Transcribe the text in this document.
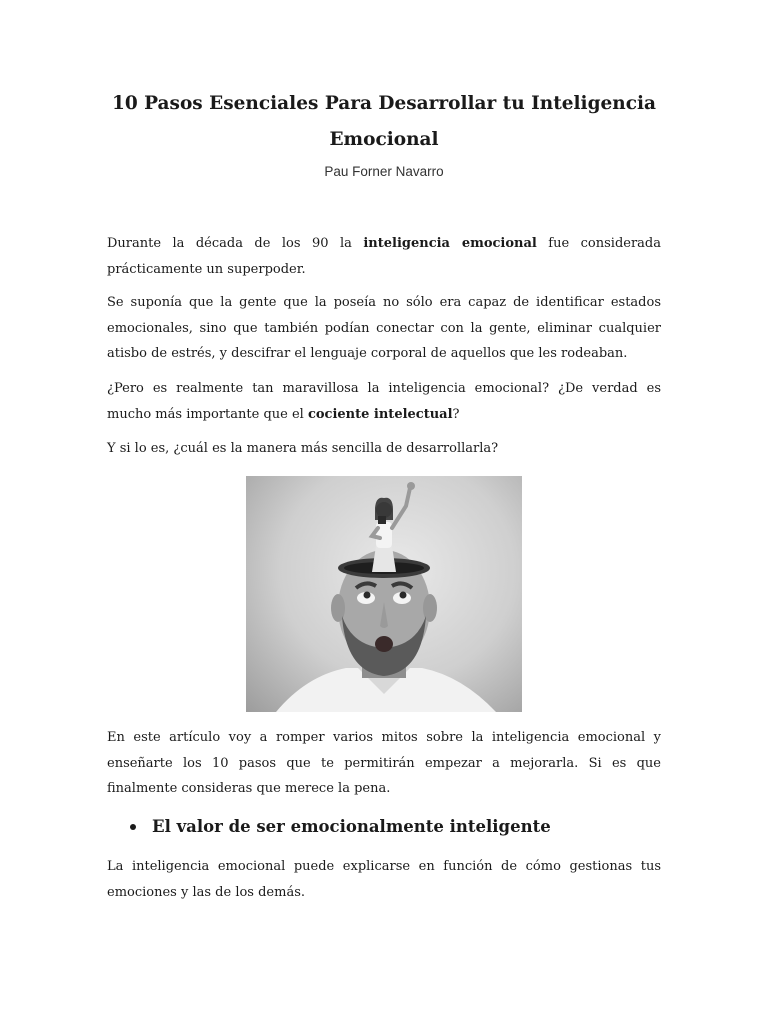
10 Pasos Esenciales Para Desarrollar tu Inteligencia Emocional
Pau Forner Navarro

Durante la década de los 90 la inteligencia emocional fue considerada prácticamente un superpoder.

Se suponía que la gente que la poseía no sólo era capaz de identificar estados emocionales, sino que también podían conectar con la gente, eliminar cualquier atisbo de estrés, y descifrar el lenguaje corporal de aquellos que les rodeaban.

¿Pero es realmente tan maravillosa la inteligencia emocional? ¿De verdad es mucho más importante que el cociente intelectual?

Y si lo es, ¿cuál es la manera más sencilla de desarrollarla?

En este artículo voy a romper varios mitos sobre la inteligencia emocional y enseñarte los 10 pasos que te permitirán empezar a mejorarla. Si es que finalmente consideras que merece la pena.

El valor de ser emocionalmente inteligente

La inteligencia emocional puede explicarse en función de cómo gestionas tus emociones y las de los demás.
